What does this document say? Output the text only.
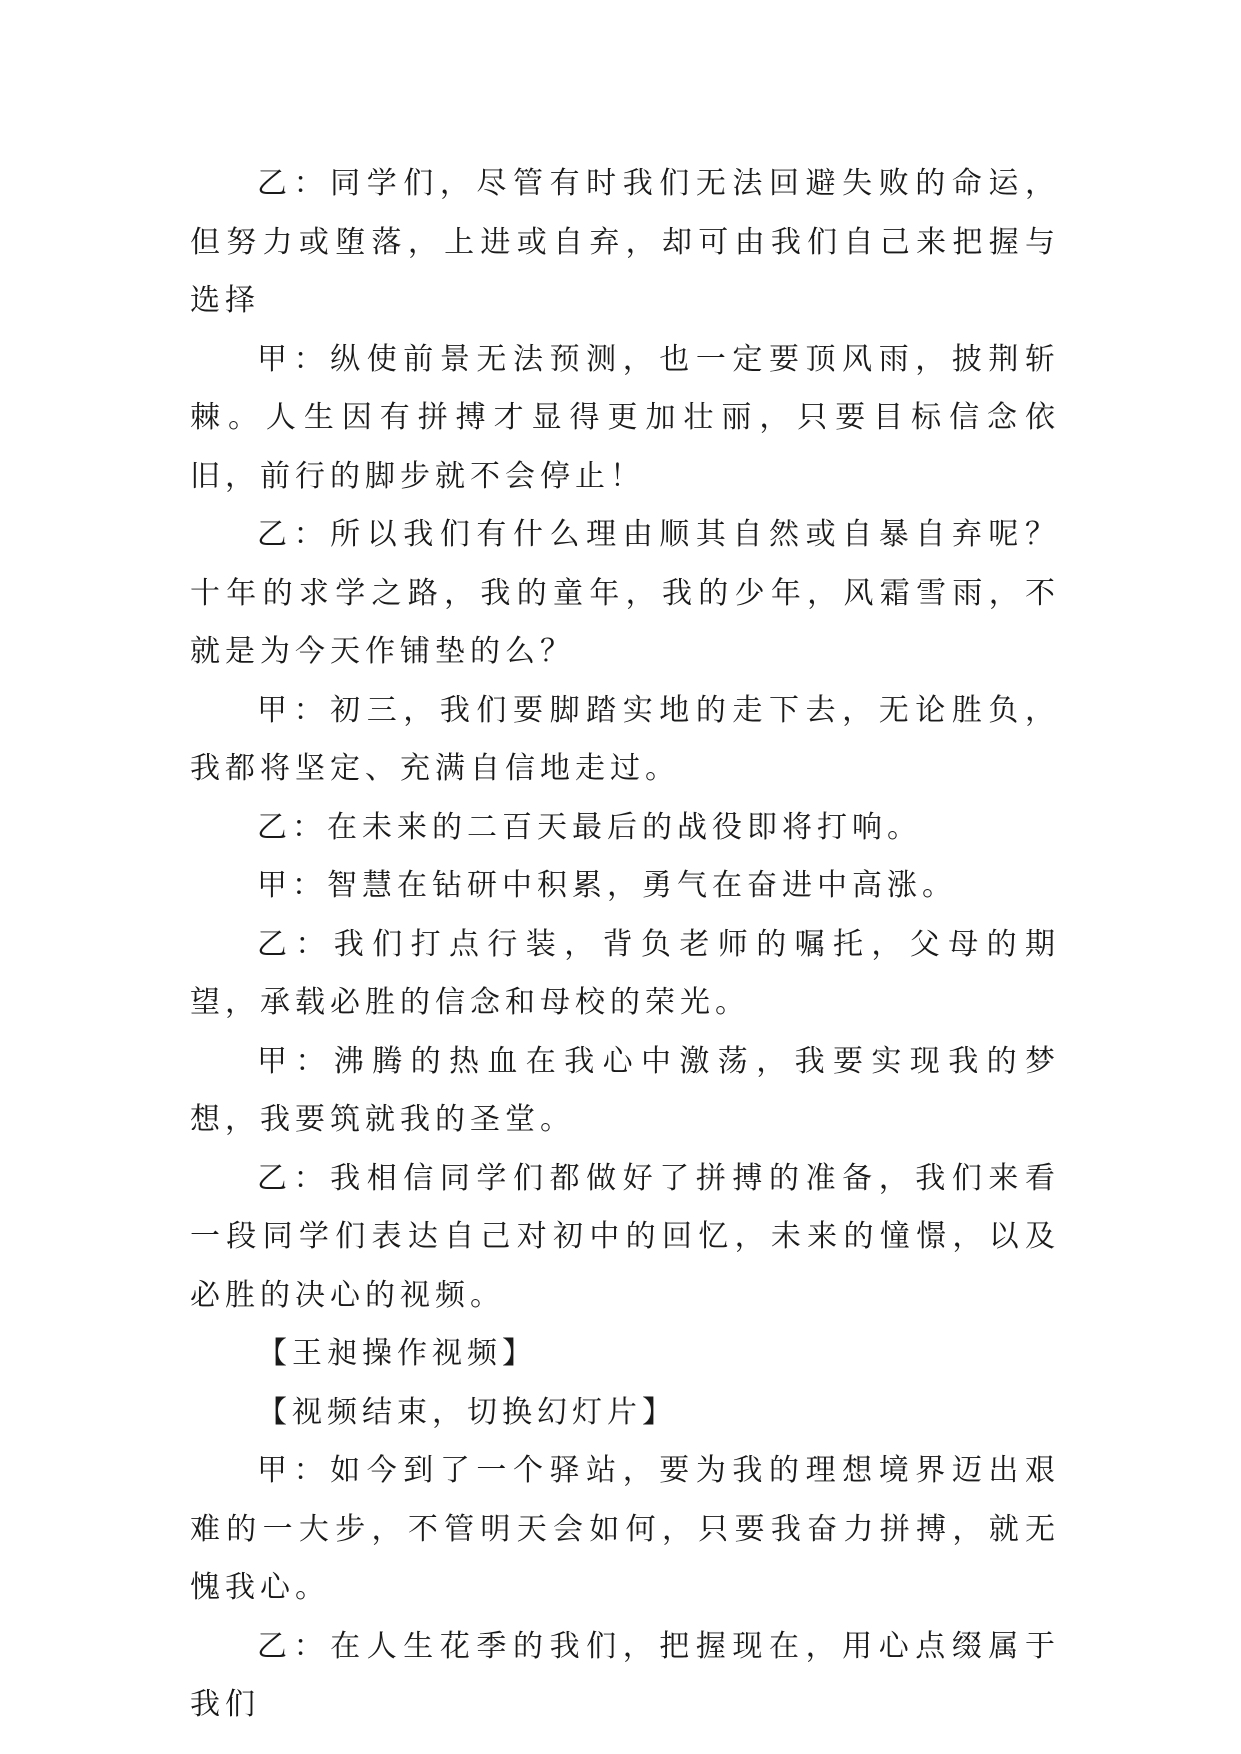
乙：同学们，尽管有时我们无法回避失败的命运，但努力或堕落，上进或自弃，却可由我们自己来把握与选择

甲：纵使前景无法预测，也一定要顶风雨，披荆斩棘。人生因有拼搏才显得更加壮丽，只要目标信念依旧，前行的脚步就不会停止！

乙：所以我们有什么理由顺其自然或自暴自弃呢？十年的求学之路，我的童年，我的少年，风霜雪雨，不就是为今天作铺垫的么？

甲：初三，我们要脚踏实地的走下去，无论胜负，我都将坚定、充满自信地走过。

乙：在未来的二百天最后的战役即将打响。

甲：智慧在钻研中积累，勇气在奋进中高涨。

乙：我们打点行装，背负老师的嘱托，父母的期望，承载必胜的信念和母校的荣光。

甲：沸腾的热血在我心中激荡，我要实现我的梦想，我要筑就我的圣堂。

乙：我相信同学们都做好了拼搏的准备，我们来看一段同学们表达自己对初中的回忆，未来的憧憬，以及必胜的决心的视频。

【王昶操作视频】

【视频结束，切换幻灯片】

甲：如今到了一个驿站，要为我的理想境界迈出艰难的一大步，不管明天会如何，只要我奋力拼搏，就无愧我心。

乙：在人生花季的我们，把握现在，用心点缀属于我们
